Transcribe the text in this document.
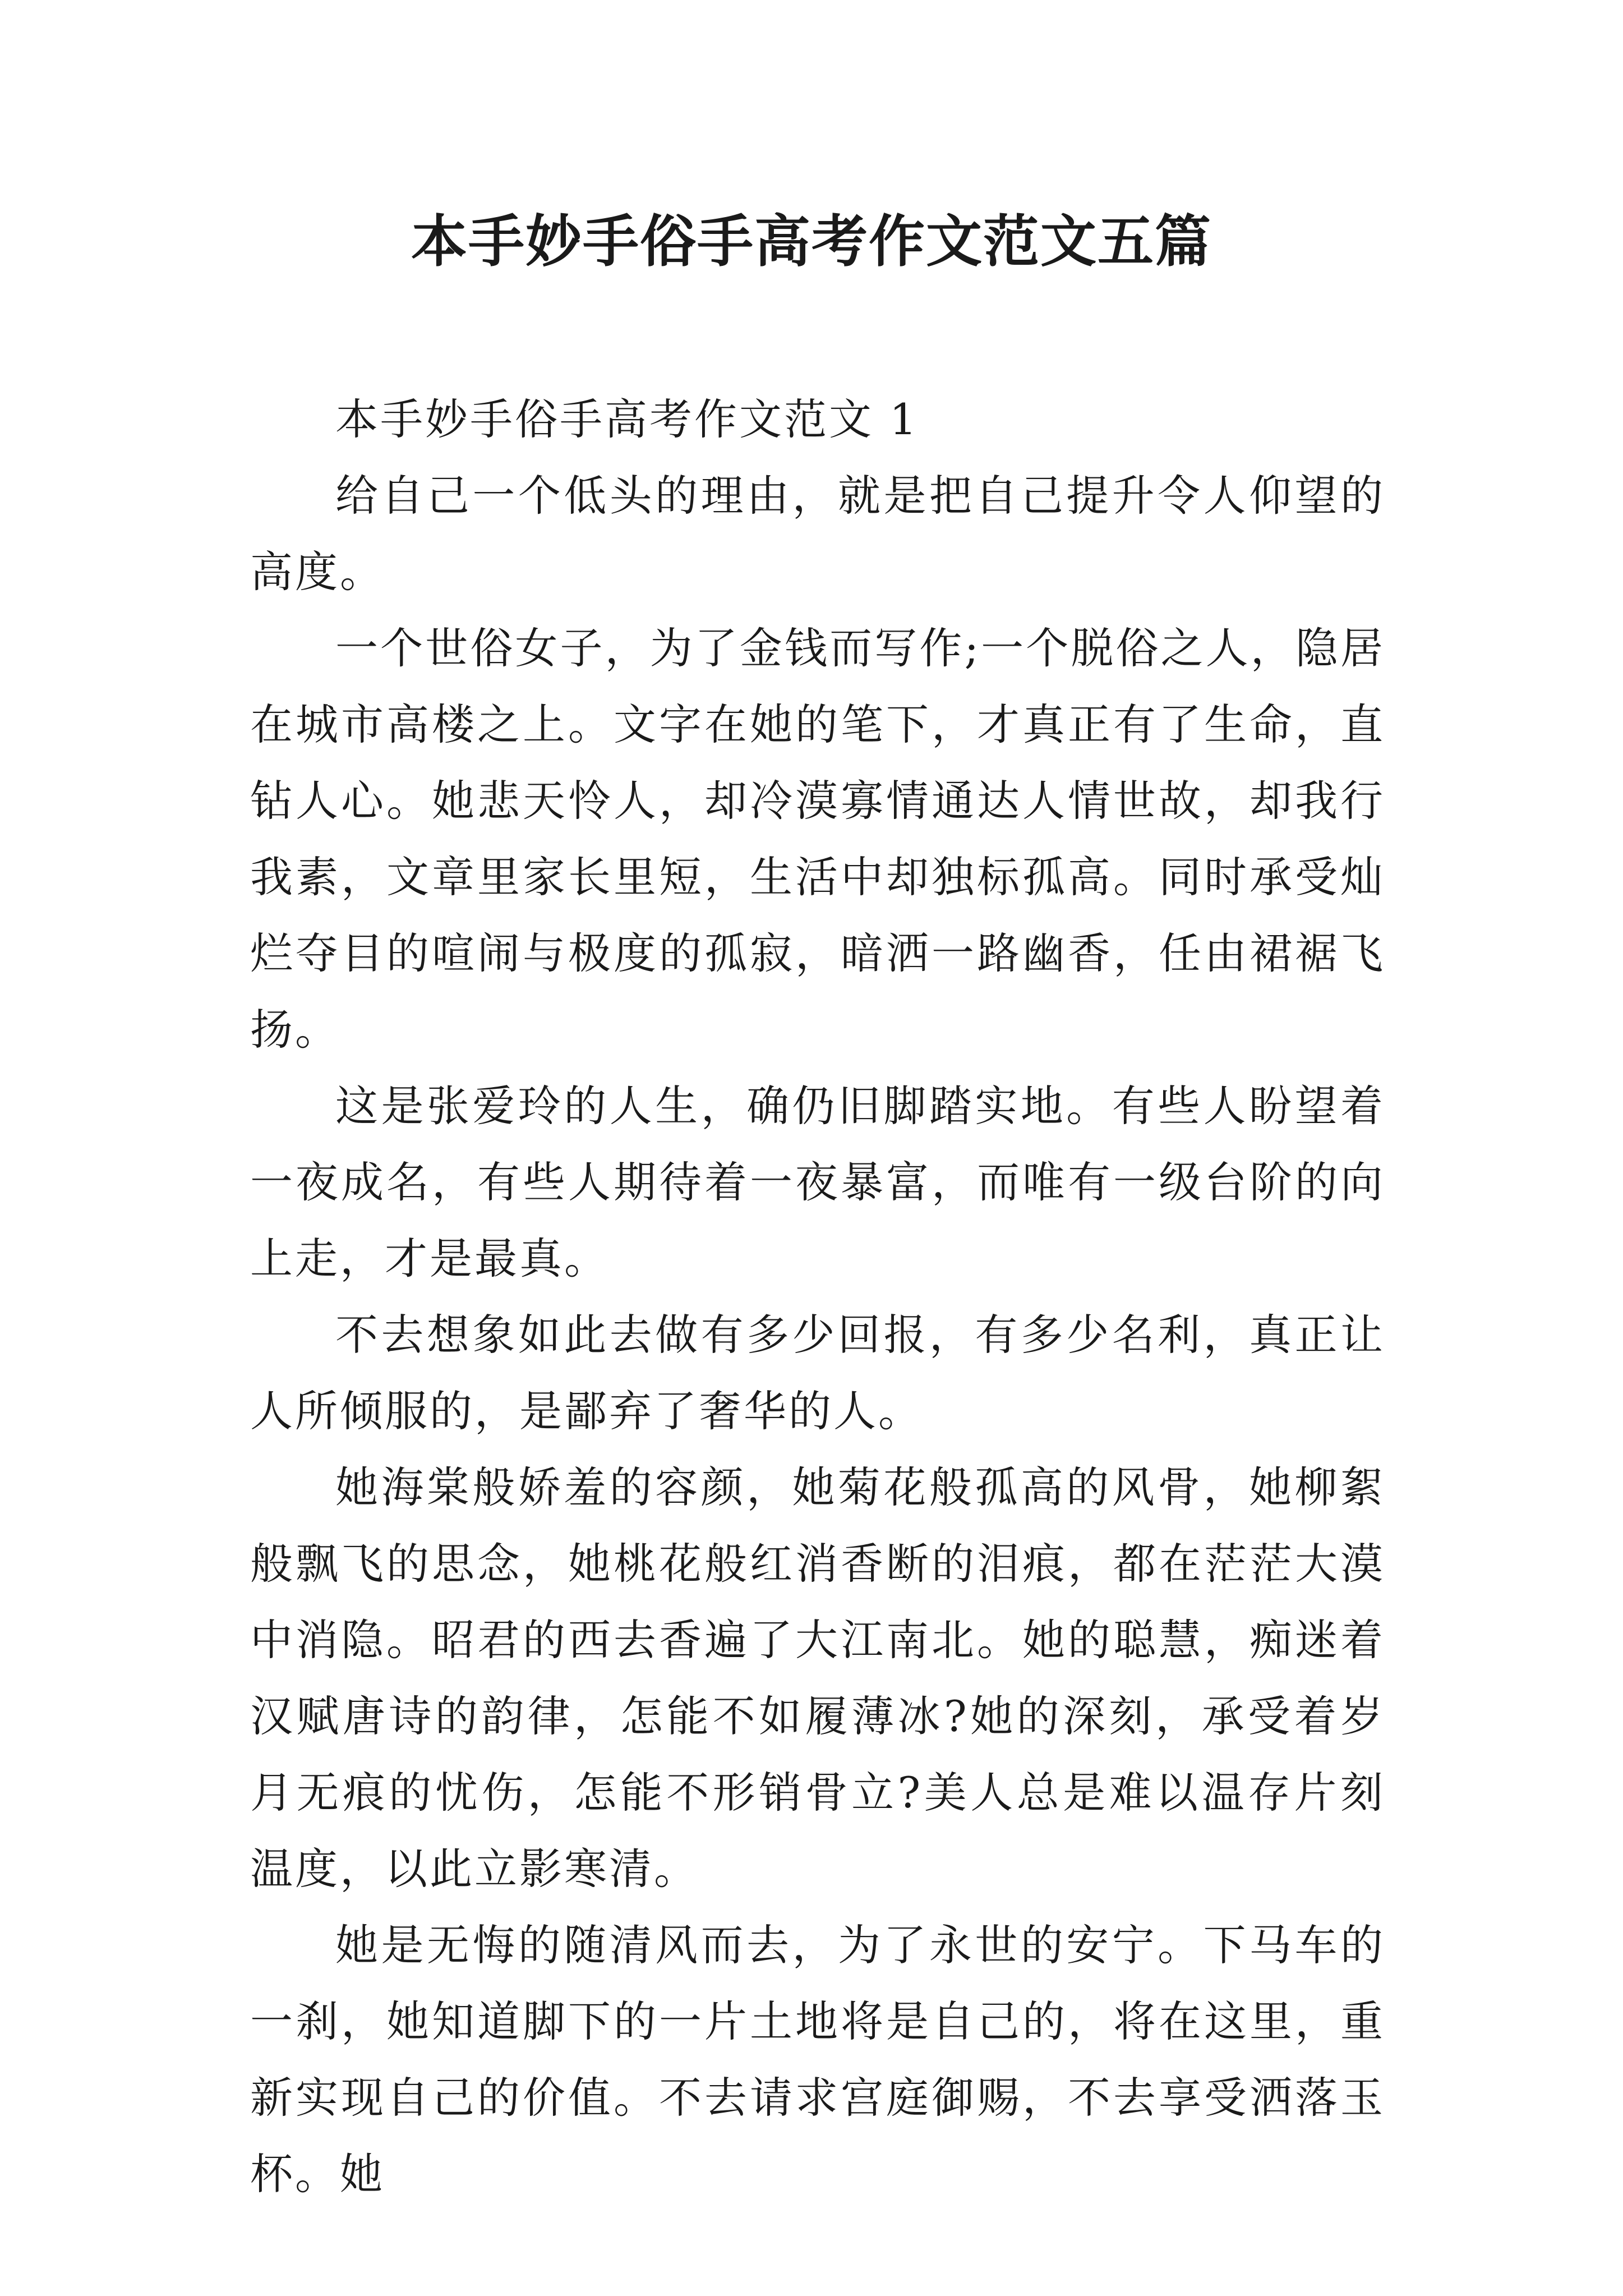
本手妙手俗手高考作文范文五篇

本手妙手俗手高考作文范文 1

给自己一个低头的理由，就是把自己提升令人仰望的高度。

一个世俗女子，为了金钱而写作;一个脱俗之人，隐居在城市高楼之上。文字在她的笔下，才真正有了生命，直钻人心。她悲天怜人，却冷漠寡情通达人情世故，却我行我素，文章里家长里短，生活中却独标孤高。同时承受灿烂夺目的喧闹与极度的孤寂，暗洒一路幽香，任由裙裾飞扬。

这是张爱玲的人生，确仍旧脚踏实地。有些人盼望着一夜成名，有些人期待着一夜暴富，而唯有一级台阶的向上走，才是最真。

不去想象如此去做有多少回报，有多少名利，真正让人所倾服的，是鄙弃了奢华的人。

她海棠般娇羞的容颜，她菊花般孤高的风骨，她柳絮般飘飞的思念，她桃花般红消香断的泪痕，都在茫茫大漠中消隐。昭君的西去香遍了大江南北。她的聪慧，痴迷着汉赋唐诗的韵律，怎能不如履薄冰?她的深刻，承受着岁月无痕的忧伤，怎能不形销骨立?美人总是难以温存片刻温度，以此立影寒清。

她是无悔的随清风而去，为了永世的安宁。下马车的一刹，她知道脚下的一片土地将是自己的，将在这里，重新实现自己的价值。不去请求宫庭御赐，不去享受洒落玉杯。她
